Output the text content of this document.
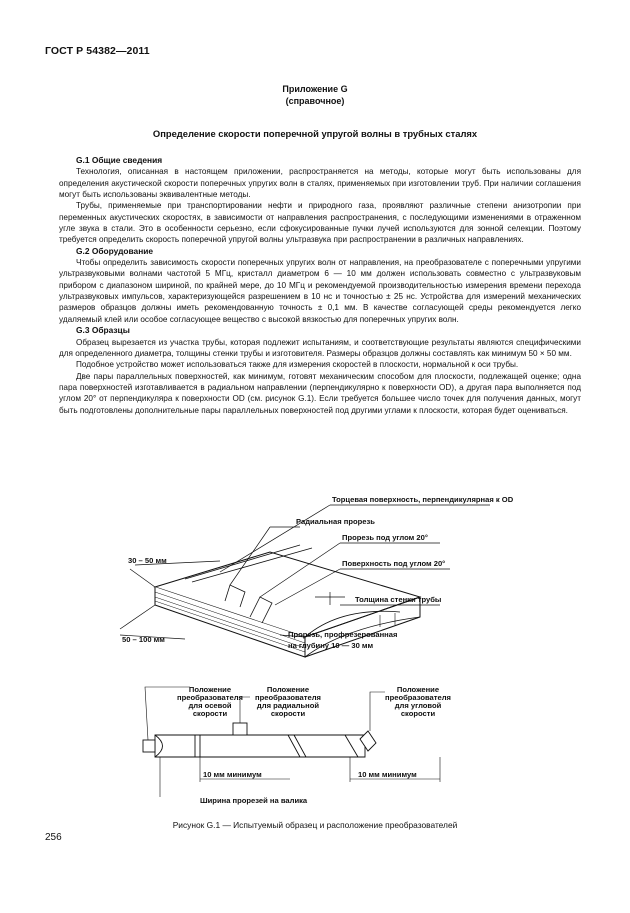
ГОСТ Р 54382—2011
Приложение G
(справочное)
Определение скорости поперечной упругой волны в трубных сталях
G.1 Общие сведения

Технология, описанная в настоящем приложении, распространяется на методы, которые могут быть использованы для определения акустической скорости поперечных упругих волн в сталях, применяемых при изготовлении труб. При наличии соглашения могут быть использованы эквивалентные методы.

Трубы, применяемые при транспортировании нефти и природного газа, проявляют различные степени анизотропии при переменных акустических скоростях, в зависимости от направления распространения, с последующими изменениями в отраженном угле звука в стали. Это в особенности серьезно, если сфокусированные пучки лучей используются для зонной селекции. Поэтому требуется определить скорость поперечной упругой волны ультразвука при распространении в различных направлениях.

G.2 Оборудование

Чтобы определить зависимость скорости поперечных упругих волн от направления, на преобразователе с поперечными упругими ультразвуковыми волнами частотой 5 МГц, кристалл диаметром 6 — 10 мм должен использовать совместно с ультразвуковым прибором с диапазоном шириной, по крайней мере, до 10 МГц и рекомендуемой производительностью измерения времени перехода ультразвуковых импульсов, характеризующейся разрешением в 10 нс и точностью ± 25 нс. Устройства для измерений механических размеров образцов должны иметь рекомендованную точность ± 0,1 мм. В качестве согласующей среды рекомендуется легко удаляемый клей или особое согласующее вещество с высокой вязкостью для поперечных упругих волн.

G.3 Образцы

Образец вырезается из участка трубы, которая подлежит испытаниям, и соответствующие результаты являются специфическими для определенного диаметра, толщины стенки трубы и изготовителя. Размеры образцов должны составлять как минимум 50 × 50 мм.

Подобное устройство может использоваться также для измерения скоростей в плоскости, нормальной к оси трубы.

Две пары параллельных поверхностей, как минимум, готовят механическим способом для плоскости, подлежащей оценке; одна пара поверхностей изготавливается в радиальном направлении (перпендикулярно к поверхности OD), а другая пара выполняется под углом 20° от перпендикуляра к поверхности OD (см. рисунок G.1). Если требуется большее число точек для получения данных, могут быть подготовлены дополнительные пары параллельных поверхностей под другими углами к плоскости, которая будет оцениваться.

Торцевая поверхность, перпендикулярная к OD
Радиальная прорезь
Прорезь под углом 20°
Поверхность под углом 20°
Толщина стенки трубы
Прорезь, профрезерованная
на глубину 10 — 30 мм
30 – 50 мм
50 – 100 мм
Положение
преобразователя
для осевой
скорости
Положение
преобразователя
для радиальной
скорости
Положение
преобразователя
для угловой
скорости
10 мм минимум	10 мм минимум
Ширина прорезей на валика
Рисунок G.1 — Испытуемый образец и расположение преобразователей
256
